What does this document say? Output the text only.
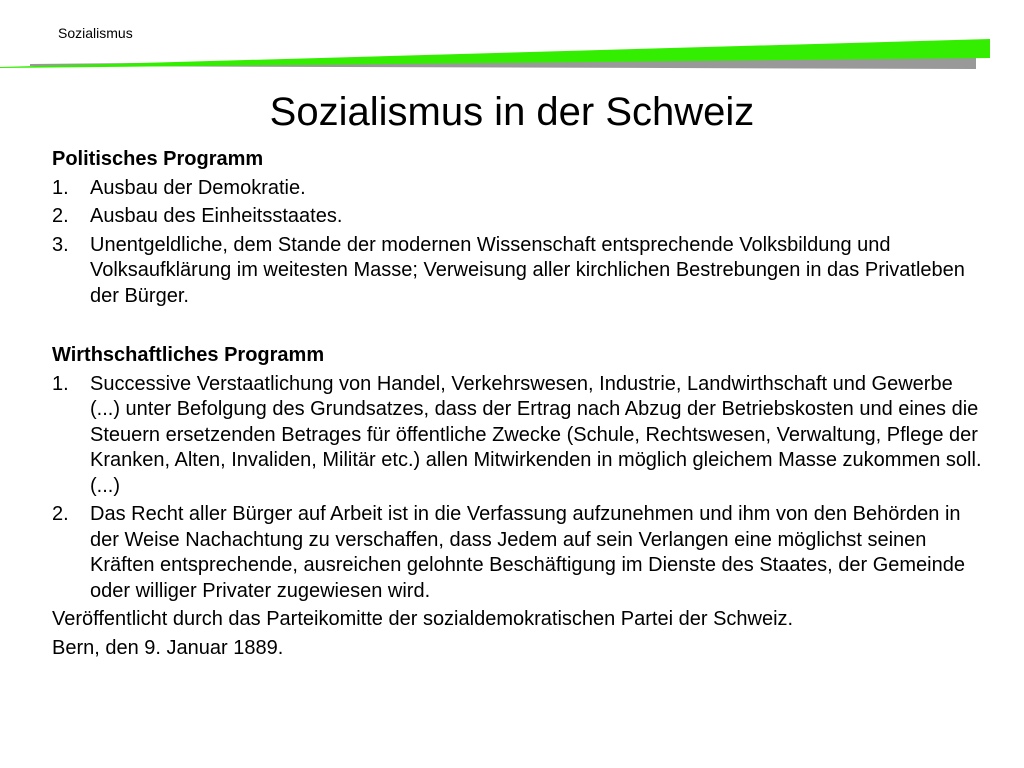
Sozialismus
Sozialismus in der Schweiz
Politisches Programm
1.	Ausbau der Demokratie.
2.	Ausbau des Einheitsstaates.
3.	Unentgeldliche, dem Stande der modernen Wissenschaft entsprechende Volksbildung und Volksaufklärung im weitesten Masse; Verweisung aller kirchlichen Bestrebungen in das Privatleben der Bürger.
Wirthschaftliches Programm
1.	Successive Verstaatlichung von Handel, Verkehrswesen, Industrie, Landwirthschaft und Gewerbe (...) unter Befolgung des Grundsatzes, dass der Ertrag nach Abzug der Betriebskosten und eines die Steuern ersetzenden Betrages für öffentliche Zwecke (Schule, Rechtswesen, Verwaltung, Pflege der Kranken, Alten, Invaliden, Militär etc.) allen Mitwirkenden in möglich gleichem Masse zukommen soll. (...)
2.	Das Recht aller Bürger auf Arbeit ist in die Verfassung aufzunehmen und ihm von den Behörden in der Weise Nachachtung zu verschaffen, dass Jedem auf sein Verlangen eine möglichst seinen Kräften entsprechende, ausreichen gelohnte Beschäftigung im Dienste des Staates, der Gemeinde oder williger Privater zugewiesen wird.
Veröffentlicht durch das Parteikomitte der sozialdemokratischen Partei der Schweiz.
Bern, den 9. Januar 1889.
